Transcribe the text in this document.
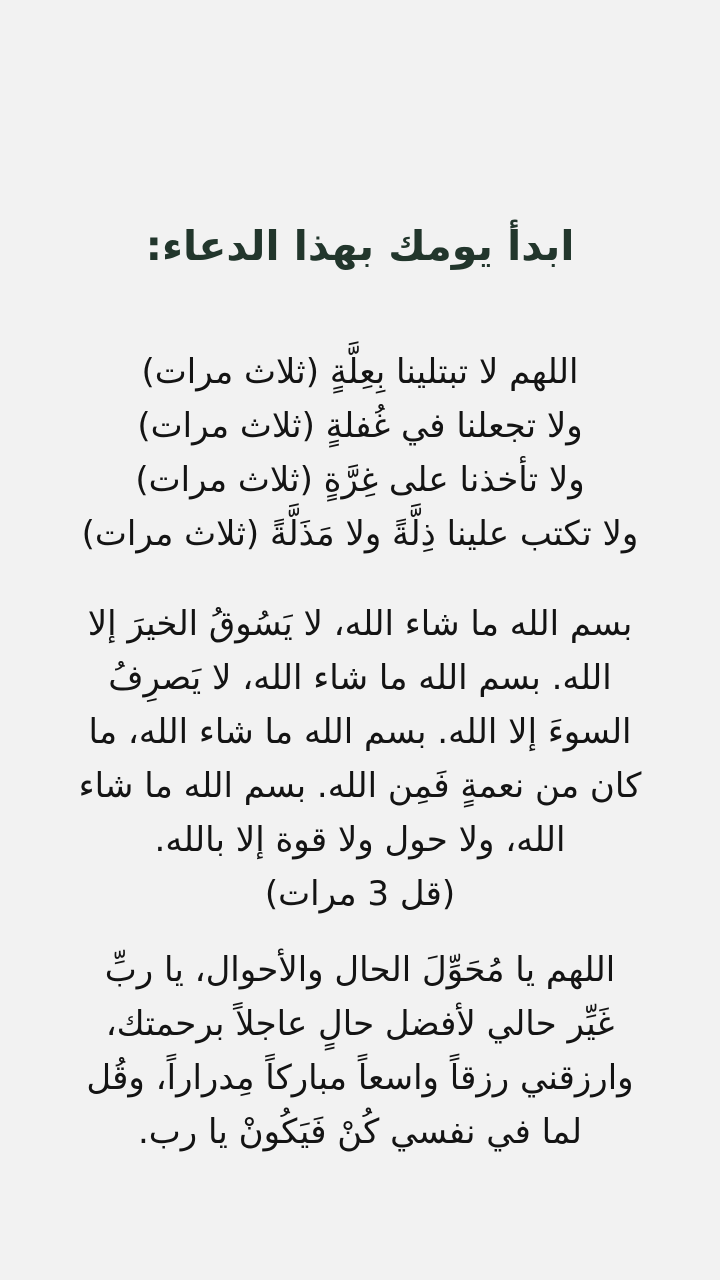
ابدأ يومك بهذا الدعاء:
اللهم لا تبتلينا بِعِلَّةٍ (ثلاث مرات)
ولا تجعلنا في غُفلةٍ (ثلاث مرات)
ولا تأخذنا على غِرَّةٍ (ثلاث مرات)
ولا تكتب علينا ذِلَّةً ولا مَذَلَّةً (ثلاث مرات)
بسم الله ما شاء الله، لا يَسُوقُ الخيرَ إلا
الله. بسم الله ما شاء الله، لا يَصرِفُ
السوءَ إلا الله. بسم الله ما شاء الله، ما
كان من نعمةٍ فَمِن الله. بسم الله ما شاء
الله، ولا حول ولا قوة إلا بالله.
(قل 3 مرات)
اللهم يا مُحَوِّلَ الحال والأحوال، يا ربِّ
غَيِّر حالي لأفضل حالٍ عاجلاً برحمتك،
وارزقني رزقاً واسعاً مباركاً مِدراراً، وقُل
لما في نفسي كُنْ فَيَكُونْ يا رب.
